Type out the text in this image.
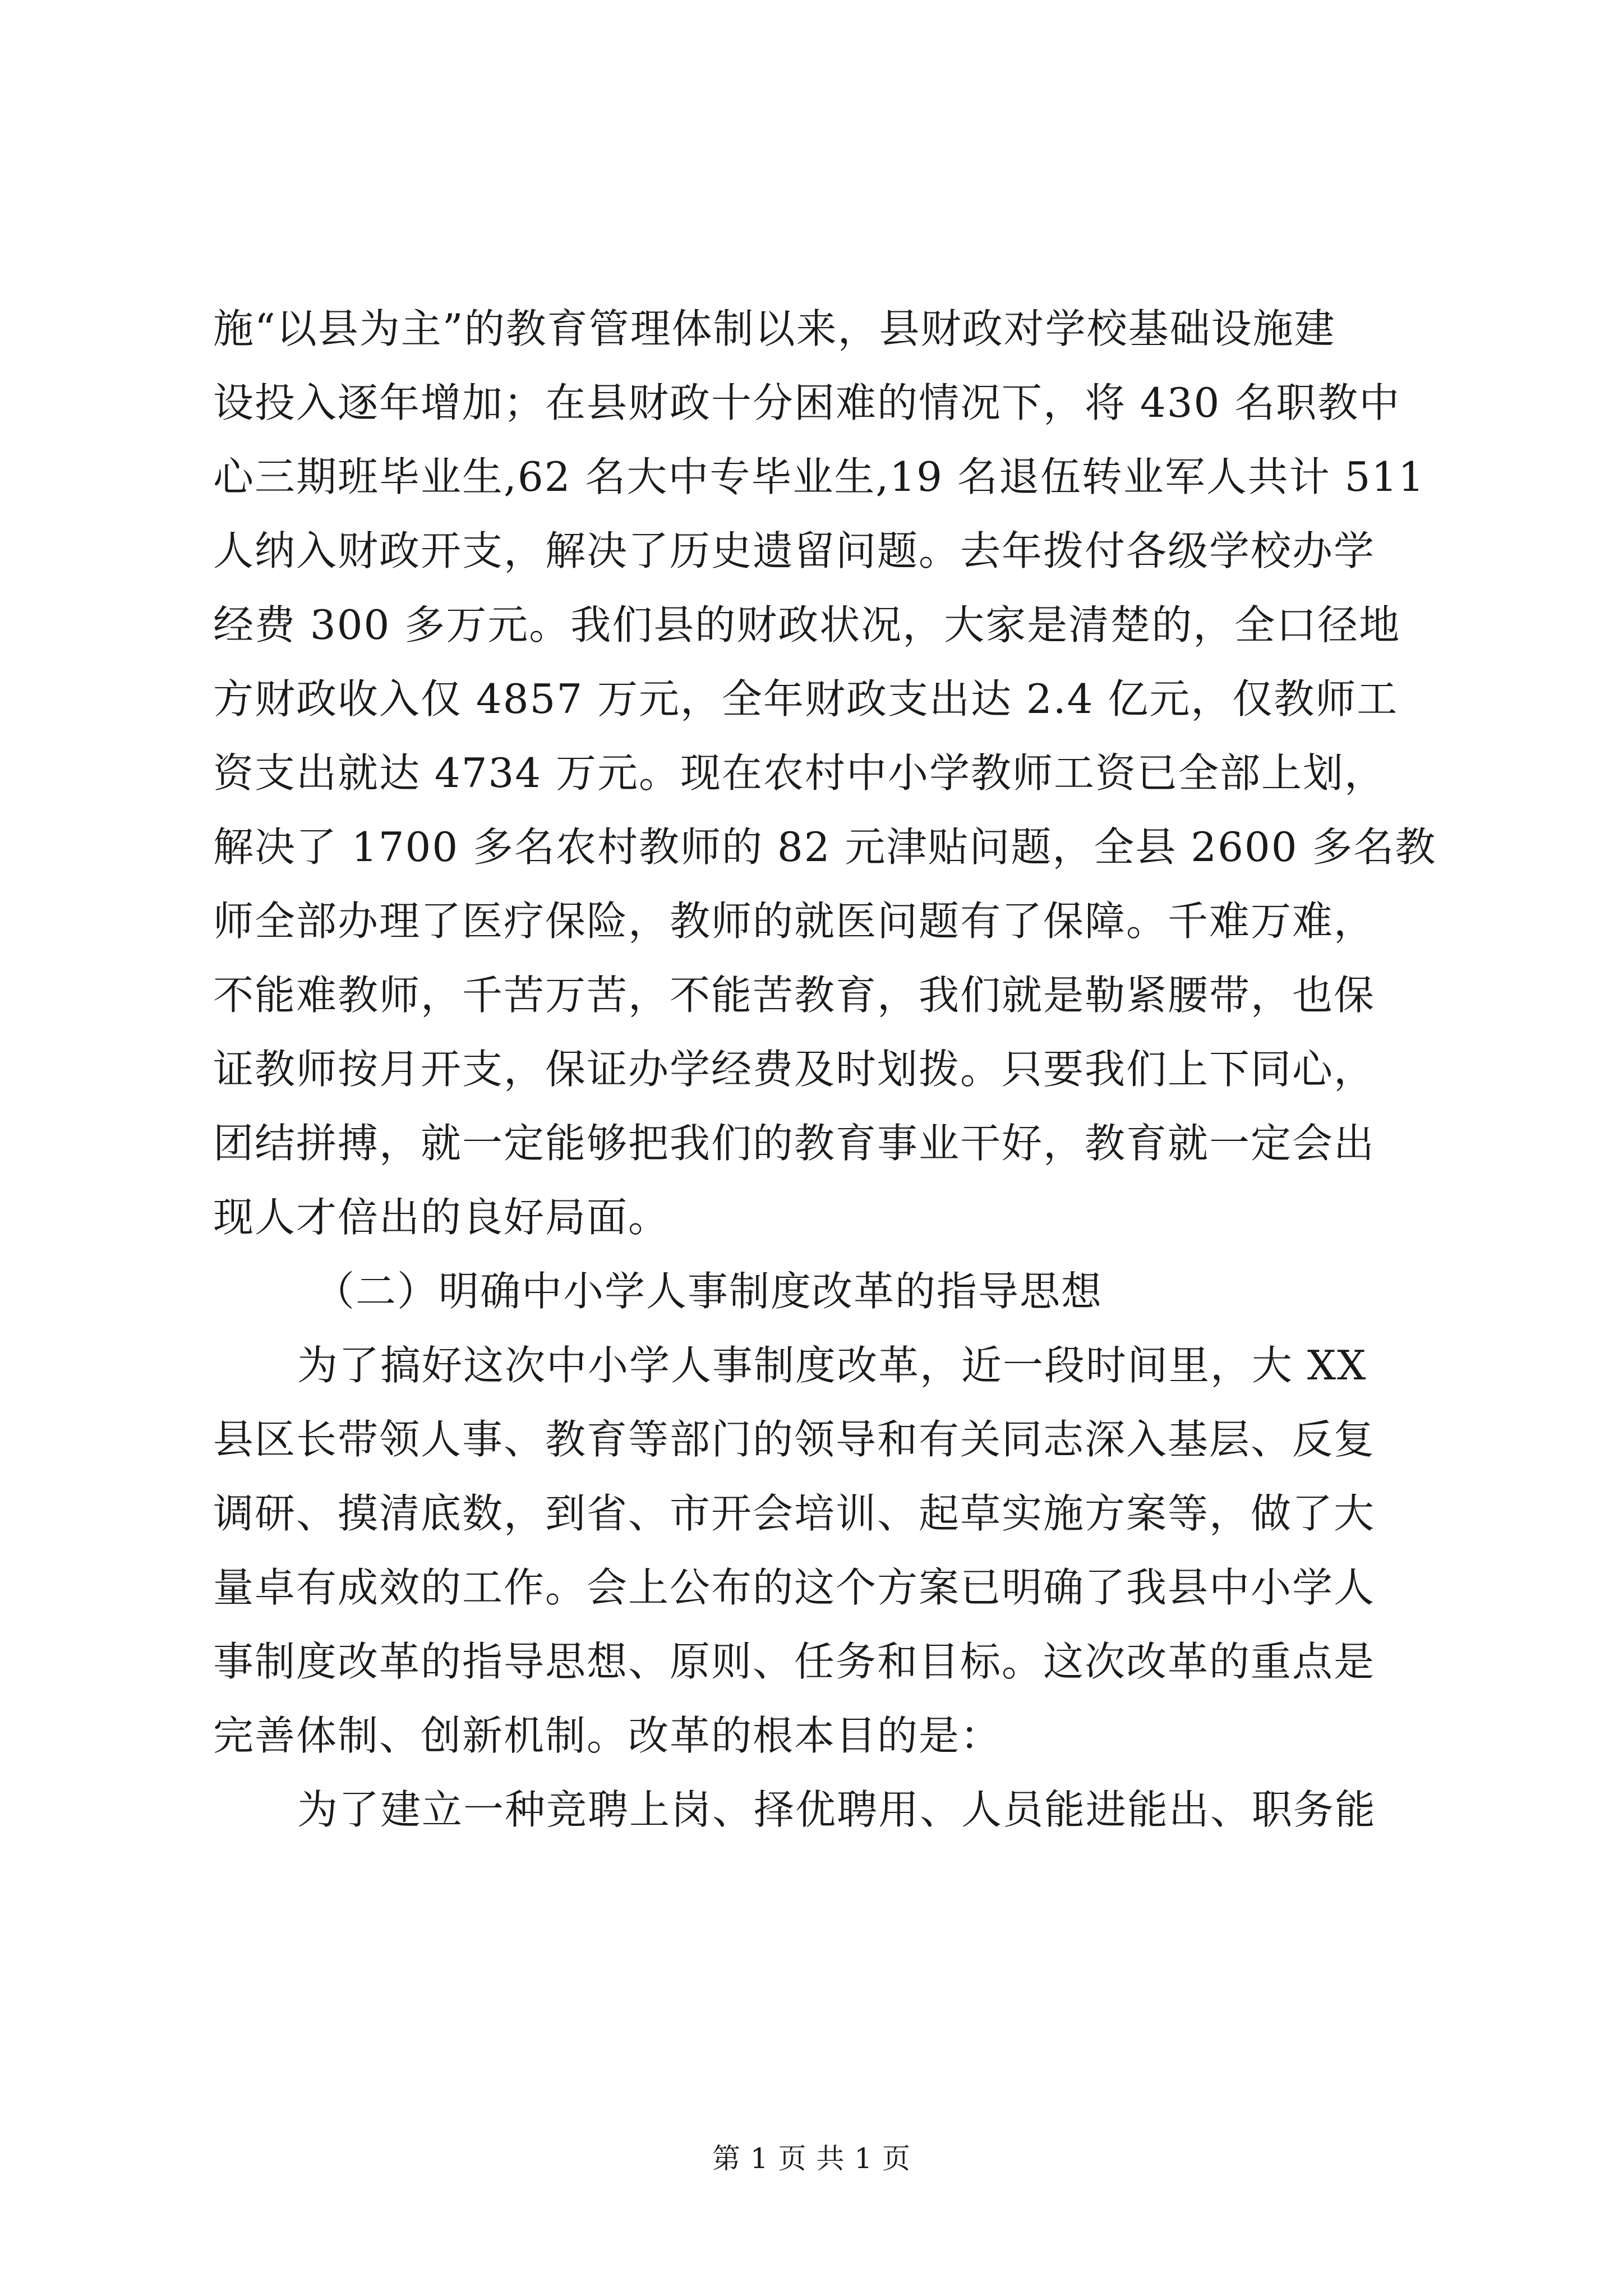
施“以县为主”的教育管理体制以来，县财政对学校基础设施建
设投入逐年增加；在县财政十分困难的情况下，将 430 名职教中
心三期班毕业生,62 名大中专毕业生,19 名退伍转业军人共计 511
人纳入财政开支，解决了历史遗留问题。去年拨付各级学校办学
经费 300 多万元。我们县的财政状况，大家是清楚的，全口径地
方财政收入仅 4857 万元，全年财政支出达 2.4 亿元，仅教师工
资支出就达 4734 万元。现在农村中小学教师工资已全部上划，
解决了 1700 多名农村教师的 82 元津贴问题，全县 2600 多名教
师全部办理了医疗保险，教师的就医问题有了保障。千难万难，
不能难教师，千苦万苦，不能苦教育，我们就是勒紧腰带，也保
证教师按月开支，保证办学经费及时划拨。只要我们上下同心，
团结拼搏，就一定能够把我们的教育事业干好，教育就一定会出
现人才倍出的良好局面。
（二）明确中小学人事制度改革的指导思想
为了搞好这次中小学人事制度改革，近一段时间里，大 XX
县区长带领人事、教育等部门的领导和有关同志深入基层、反复
调研、摸清底数，到省、市开会培训、起草实施方案等，做了大
量卓有成效的工作。会上公布的这个方案已明确了我县中小学人
事制度改革的指导思想、原则、任务和目标。这次改革的重点是
完善体制、创新机制。改革的根本目的是：
为了建立一种竞聘上岗、择优聘用、人员能进能出、职务能
第 1 页 共 1 页
